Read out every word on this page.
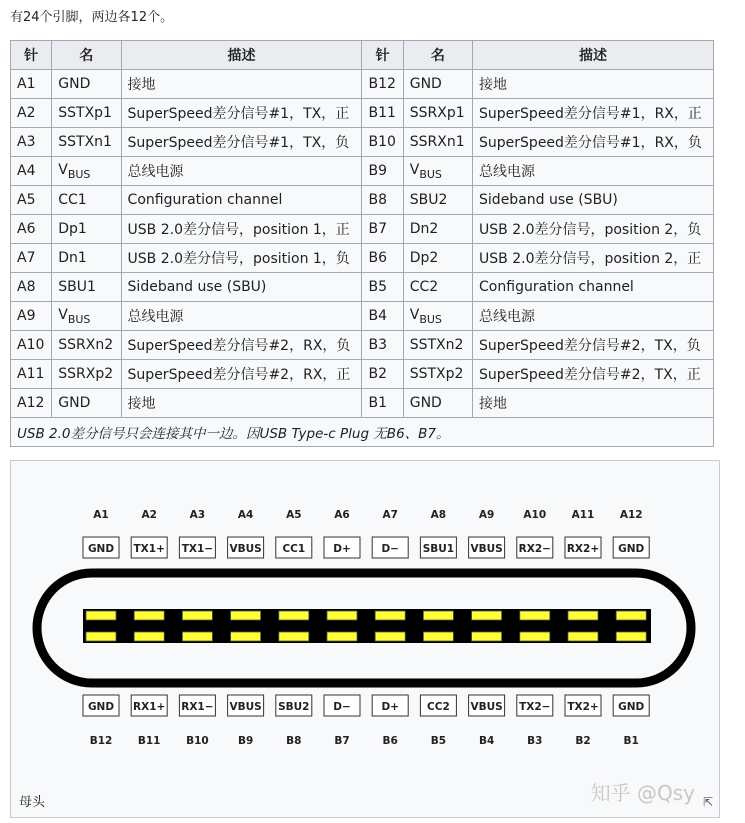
有24个引脚，两边各12个。
针	名	描述	针	名	描述
A1	GND	接地	B12	GND	接地
A2	SSTXp1	SuperSpeed差分信号#1，TX，正	B11	SSRXp1	SuperSpeed差分信号#1，RX，正
A3	SSTXn1	SuperSpeed差分信号#1，TX，负	B10	SSRXn1	SuperSpeed差分信号#1，RX，负
A4	$V_{BUS}$	总线电源	B9	$V_{BUS}$	总线电源
A5	CC1	Configuration channel	B8	SBU2	Sideband use (SBU)
A6	Dp1	USB 2.0差分信号，position 1，正	B7	Dn2	USB 2.0差分信号，position 2，负
A7	Dn1	USB 2.0差分信号，position 1，负	B6	Dp2	USB 2.0差分信号，position 2，正
A8	SBU1	Sideband use (SBU)	B5	CC2	Configuration channel
A9	$V_{BUS}$	总线电源	B4	$V_{BUS}$	总线电源
A10	SSRXn2	SuperSpeed差分信号#2，RX，负	B3	SSTXn2	SuperSpeed差分信号#2，TX，负
A11	SSRXp2	SuperSpeed差分信号#2，RX，正	B2	SSTXp2	SuperSpeed差分信号#2，TX，正
A12	GND	接地	B1	GND	接地
USB 2.0差分信号只会连接其中一边。因USB Type-c Plug 无B6、B7。					
A1
GND
GND
B12
A2
TX1+
RX1+
B11
A3
TX1−
RX1−
B10
A4
VBUS
VBUS
B9
A5
CC1
SBU2
B8
A6
D+
D−
B7
A7
D−
D+
B6
A8
SBU1
CC2
B5
A9
VBUS
VBUS
B4
A10
RX2−
TX2−
B3
A11
RX2+
TX2+
B2
A12
GND
GND
B1
母头	知乎 @Qsy ⇱
